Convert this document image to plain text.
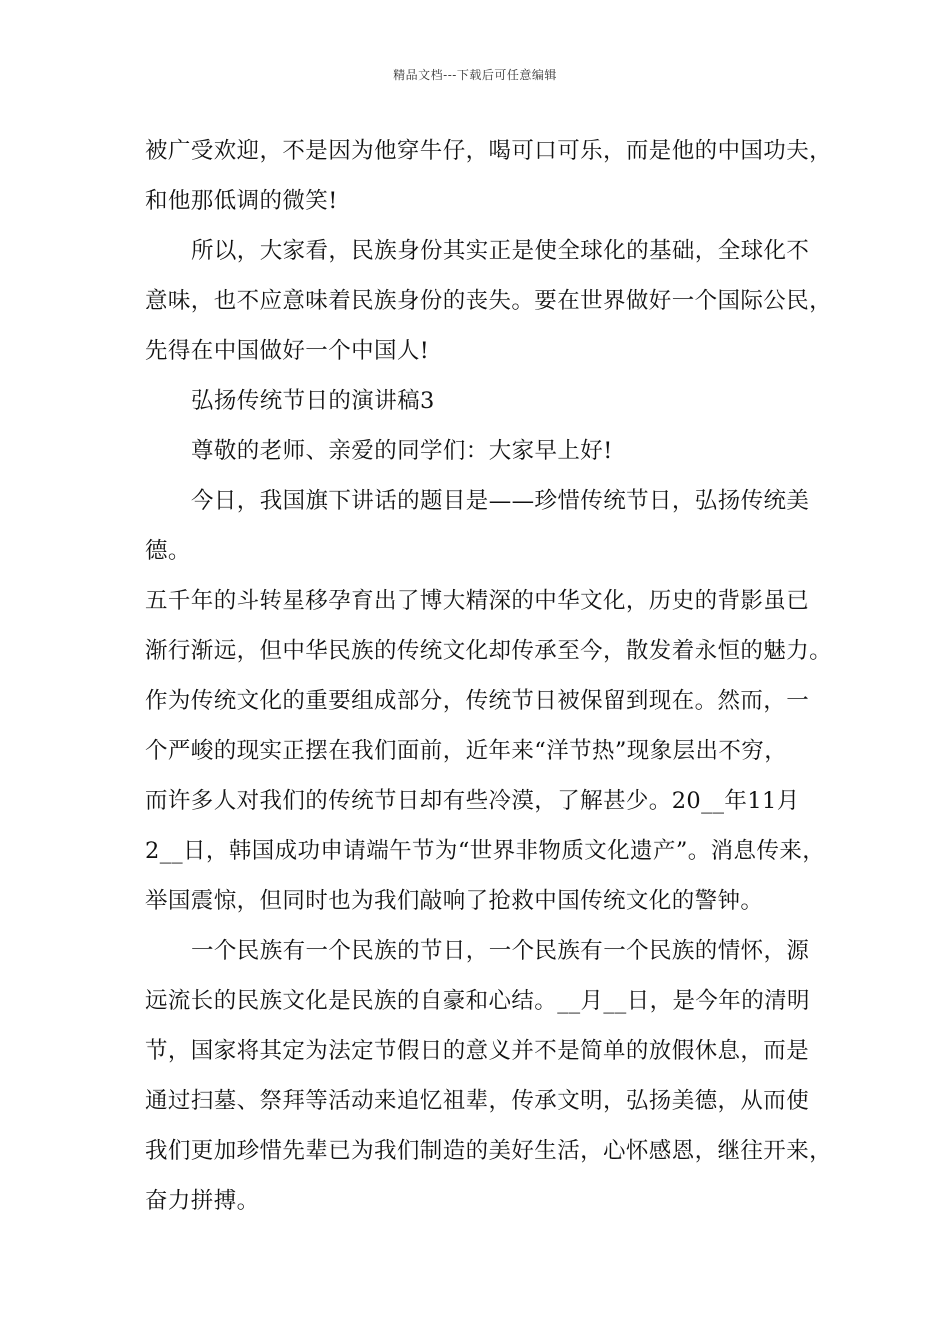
精品文档---下载后可任意编辑
被广受欢迎，不是因为他穿牛仔，喝可口可乐，而是他的中国功夫，
和他那低调的微笑!
所以，大家看，民族身份其实正是使全球化的基础，全球化不
意味，也不应意味着民族身份的丧失。要在世界做好一个国际公民，
先得在中国做好一个中国人!
弘扬传统节日的演讲稿3
尊敬的老师、亲爱的同学们：大家早上好!
今日，我国旗下讲话的题目是——珍惜传统节日，弘扬传统美
德。
五千年的斗转星移孕育出了博大精深的中华文化，历史的背影虽已
渐行渐远，但中华民族的传统文化却传承至今，散发着永恒的魅力。
作为传统文化的重要组成部分，传统节日被保留到现在。然而，一
个严峻的现实正摆在我们面前，近年来“洋节热”现象层出不穷，
而许多人对我们的传统节日却有些冷漠，了解甚少。20__年11月
2__日，韩国成功申请端午节为“世界非物质文化遗产”。消息传来，
举国震惊，但同时也为我们敲响了抢救中国传统文化的警钟。
一个民族有一个民族的节日，一个民族有一个民族的情怀，源
远流长的民族文化是民族的自豪和心结。__月__日，是今年的清明
节，国家将其定为法定节假日的意义并不是简单的放假休息，而是
通过扫墓、祭拜等活动来追忆祖辈，传承文明，弘扬美德，从而使
我们更加珍惜先辈已为我们制造的美好生活，心怀感恩，继往开来，
奋力拼搏。
